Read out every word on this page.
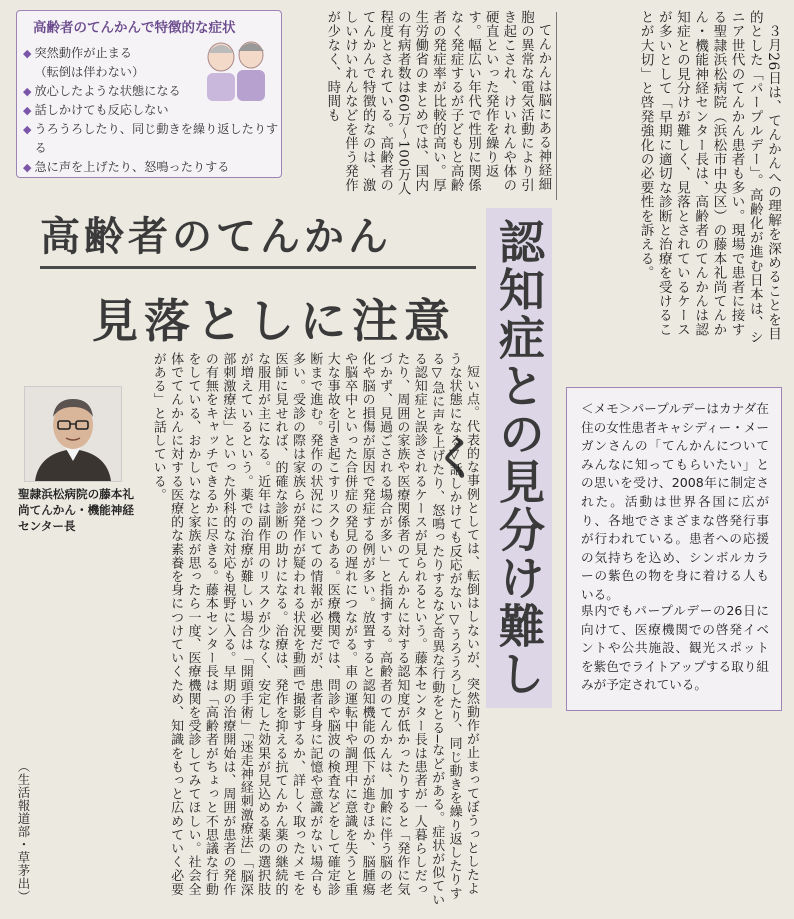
３月26日は、てんかんへの理解を深めることを目的とした「パープルデー」。高齢化が進む日本は、シニア世代のてんかん患者も多い。現場で患者に接する聖隷浜松病院（浜松市中央区）の藤本礼尚てんかん・機能神経センター長は、高齢者のてんかんは認知症との見分けが難しく、見落とされているケースが多いとして「早期に適切な診断と治療を受けることが大切」と啓発強化の必要性を訴える。

てんかんは脳にある神経細胞の異常な電気活動により引き起こされ、けいれんや体の硬直といった発作を繰り返す。幅広い年代で性別に関係なく発症するが子どもと高齢者の発症率が比較的高い。厚生労働省のまとめでは、国内の有病者数は60万〜100万人程度とされている。高齢者のてんかんで特徴的なのは、激しいけいれんなどを伴う発作が少なく、時間も

高齢者のてんかんで特徴的な症状
◆ 突然動作が止まる
（転倒は伴わない）
◆ 放心したような状態になる
◆ 話しかけても反応しない
◆ うろうろしたり、同じ動きを繰り返したりする
◆ 急に声を上げたり、怒鳴ったりする
高齢者のてんかん
見落としに注意 認知症との見分け難しく
聖隷浜松病院の藤本礼尚てんかん・機能神経センター長	短い点。代表的な事例としては、転倒はしないが、突然動作が止まってぼうっとしたような状態になる▽話しかけても反応がない▽うろうろしたり、同じ動きを繰り返したりする▽急に声を上げたり、怒鳴ったりするなど奇異な行動をとる─などがある。症状が似ている認知症と誤診されるケースが見られるという。藤本センター長は患者が一人暮らしだったり、周囲の家族や医療関係者のてんかんに対する認知度が低かったりすると「発作に気づかず、見過ごされる場合が多い」と指摘する。高齢者のてんかんは、加齢に伴う脳の老化や脳の損傷が原因で発症する例が多い。放置すると認知機能の低下が進むほか、脳腫瘍や脳卒中といった合併症の発見の遅れにつながる。車の運転中や調理中に意識を失うと重大な事故を引き起こすリスクもある。医療機関では、問診や脳波の検査などをして確定診断まで進む。発作の状況についての情報が必要だが、患者自身に記憶や意識がない場合も多い。受診の際は家族らが発作が疑われる状況を動画で撮影するか、詳しく取ったメモを医師に見せれば、的確な診断の助けになる。治療は、発作を抑える抗てんかん薬の継続的な服用が主になる。近年は副作用のリスクが少なく、安定した効果が見込める薬の選択肢が増えているという。薬での治療が難しい場合は「開頭手術」「迷走神経刺激療法」「脳深部刺激療法」といった外科的な対応も視野に入る。早期の治療開始は、周囲が患者の発作の有無をキャッチできるかに尽きる。藤本センター長は「高齢者がちょっと不思議な行動をしている、おかしいなと家族が思ったら一度、医療機関を受診してみてほしい。社会全体でてんかんに対する医療的な素養を身につけていくため、知識をもっと広めていく必要がある」と話している。

（生活報道部・草茅出）

＜メモ＞パープルデーはカナダ在住の女性患者キャシディー・メーガンさんの「てんかんについてみんなに知ってもらいたい」との思いを受け、2008年に制定された。活動は世界各国に広がり、各地でさまざまな啓発行事が行われている。患者への応援の気持ちを込め、シンボルカラーの紫色の物を身に着ける人もいる。

県内でもパープルデーの26日に向けて、医療機関での啓発イベントや公共施設、観光スポットを紫色でライトアップする取り組みが予定されている。
